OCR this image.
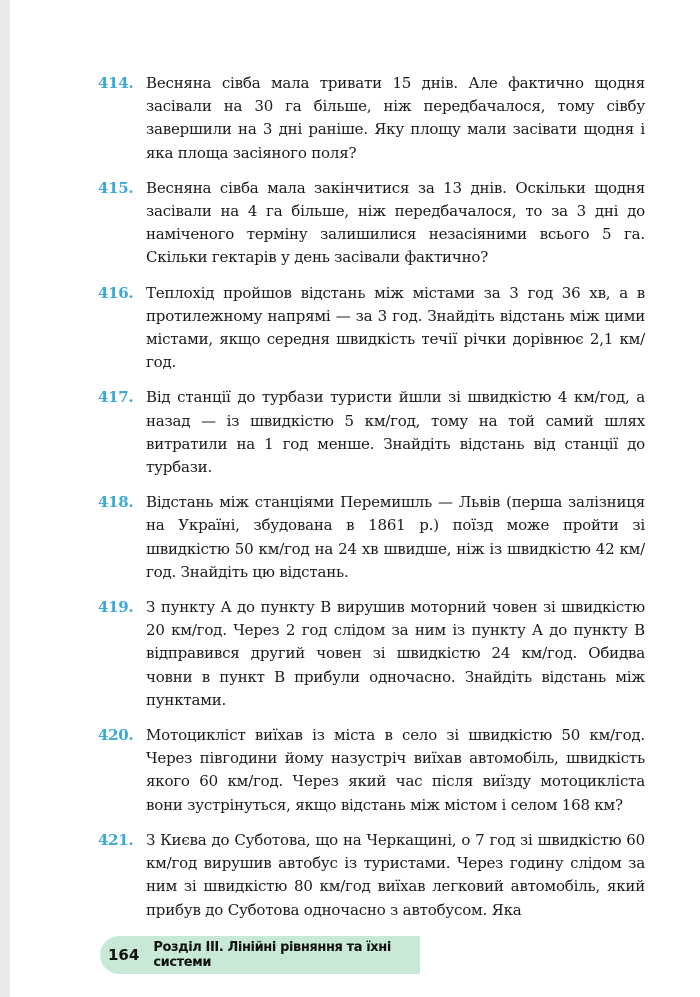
414. Весняна сівба мала тривати 15 днів. Але фактично щодня засівали на 30 га більше, ніж передбачалося, тому сівбу завершили на 3 дні раніше. Яку площу мали засівати щодня і яка площа засіяного поля?
415. Весняна сівба мала закінчитися за 13 днів. Оскільки щодня засівали на 4 га більше, ніж передбачалося, то за 3 дні до наміченого терміну залишилися незасіяними всього 5 га. Скільки гектарів у день засівали фактично?
416. Теплохід пройшов відстань між містами за 3 год 36 хв, а в протилежному напрямі — за 3 год. Знайдіть відстань між цими містами, якщо середня швидкість течії річки дорівнює 2,1 км/год.
417. Від станції до турбази туристи йшли зі швидкістю 4 км/год, а назад — із швидкістю 5 км/год, тому на той самий шлях витратили на 1 год менше. Знайдіть відстань від станції до турбази.
418. Відстань між станціями Перемишль — Львів (перша залізниця на Україні, збудована в 1861 р.) поїзд може пройти зі швидкістю 50 км/год на 24 хв швидше, ніж із швидкістю 42 км/год. Знайдіть цю відстань.
419. З пункту A до пункту B вирушив моторний човен зі швидкістю 20 км/год. Через 2 год слідом за ним із пункту A до пункту B відправився другий човен зі швидкістю 24 км/год. Обидва човни в пункт B прибули одночасно. Знайдіть відстань між пунктами.
420. Мотоцикліст виїхав із міста в село зі швидкістю 50 км/год. Через півгодини йому назустріч виїхав автомобіль, швидкість якого 60 км/год. Через який час після виїзду мотоцикліста вони зустрінуться, якщо відстань між містом і селом 168 км?
421. З Києва до Суботова, що на Черкащині, о 7 год зі швидкістю 60 км/год вирушив автобус із туристами. Через годину слідом за ним зі швидкістю 80 км/год виїхав легковий автомобіль, який прибув до Суботова одночасно з автобусом. Яка
164 Розділ III. Лінійні рівняння та їхні системи
